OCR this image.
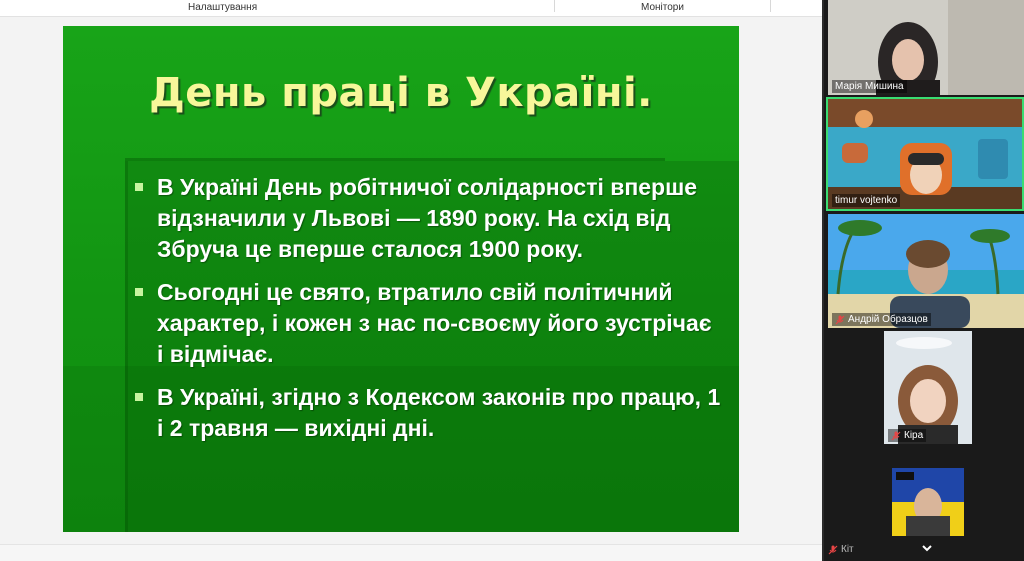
Налаштування	Монітори
День праці в Україні.
В Україні День робітничої солідарності вперше відзначили у Львові — 1890 року. На схід від Збруча це вперше сталося 1900 року.
Сьогодні це свято, втратило свій політичний характер, і кожен з нас по-своєму його зустрічає і відмічає.
В Україні, згідно з Кодексом законів про працю, 1 і 2 травня — вихідні дні.
Марія Мишина
timur vojtenko
Андрій Образцов
Кіра
Кіт
